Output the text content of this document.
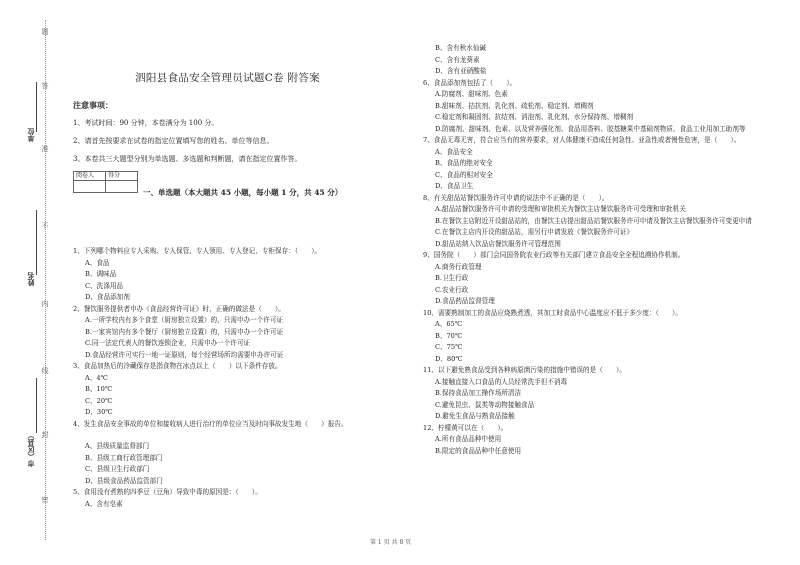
题
答
准
不
内
线
封
密
单位
姓名
市（区县）
泗阳县食品安全管理员试题C卷 附答案
注意事项：
1、考试时间：90 分钟，本卷满分为 100 分。
2、请首先按要求在试卷的指定位置填写您的姓名、单位等信息。
3、本卷共三大题型分别为单选题、多选题和判断题，请在指定位置作答。
阅卷人	得分

一、单选题（本大题共 45 小题，每小题 1 分，共 45 分）
1、下列哪个物料应专人采购、专人保管、专人领用、专人登记、专柜保存：（　　）。
A、食品
B、调味品
C、洗涤用品
D、食品添加剂
2、餐饮服务提供者申办《食品经营许可证》时，正确的做法是（　　）。
A.一所学校内有多个食堂（厨房独立设置）的，只需申办一个许可证
B.一家宾馆内有多个餐厅（厨房独立设置）的，只需申办一个许可证
C.同一法定代表人的餐饮连锁企业，只需申办一个许可证
D.食品经营许可实行一地一证原则，每个经营场所均需要申办许可证
3、食品加热后的冷藏保存是指食物在冰点以上（　　）以下条件存放。
A、4℃
B、10℃
C、20℃
D、30℃
4、发生食品安全事故的单位和接收病人进行治疗的单位应当及时向事故发生地（　　）报告。
A、县级质量监督部门
B、县级工商行政管理部门
C、县级卫生行政部门
D、县级食品药品监管部门
5、食用没有煮熟的四季豆（豆角）导致中毒的原因是：（　　）。
A、含有皂素
B、含有秋水仙碱
C、含有龙葵素
D、含有亚硝酸盐
6、食品添加剂包括了（　　）。
A.防腐剂、甜味剂、色素
B.甜味剂、拮抗剂、乳化剂、疏松剂、稳定剂、增稠剂
C.稳定剂和凝固剂、抗结剂、消泡剂、乳化剂、水分保持剂、增稠剂
D.防腐剂、甜味剂、色素、以及营养强化剂、食品用香料、胶基糖果中基础剂物质、食品工业用加工助剂等
7、食品无毒无害，符合应当有的营养要求，对人体健康不造成任何急性、亚急性或者慢性危害，是（　　）。
A、食品安全
B、食品的绝对安全
C、食品的相对安全
D、食品卫生
8、有关甜品站餐饮服务许可申请的说法中不正确的是（　　）。
A.甜品站餐饮服务许可申请的受理和审批机关为餐饮主店餐饮服务许可受理和审批机关
B.在餐饮主店附近开设甜品站的，由餐饮主店提出甜品站餐饮服务许可申请及餐饮主店餐饮服务许可变更申请
C.在餐饮主店内开设的甜品站，需另行申请发放《餐饮服务许可证》
D.甜品站纳入饮品店餐饮服务许可管理范围
9、国务院（　　）部门会同国务院农业行政等有关部门建立食品安全全程追溯协作机制。
A.商务行政管理
B.卫生行政
C.农业行政
D.食品药品监督管理
10、需要熟制加工的食品应烧熟煮透，其加工时食品中心温度应不低于多少度：（　　）。
A、65℃
B、70℃
C、75℃
D、80℃
11、以下避免熟食品受到各种病原菌污染的措施中错误的是（　　）。
A.接触直接入口食品的人员经常洗手但不消毒
B.保持食品加工操作场所清洁
C.避免昆虫、鼠类等动物接触食品
D.避免生食品与熟食品接触
12、柠檬黄可以在（　　）。
A.所有食品品种中使用
B.限定的食品品种中任意使用
第 1 页 共 8 页
